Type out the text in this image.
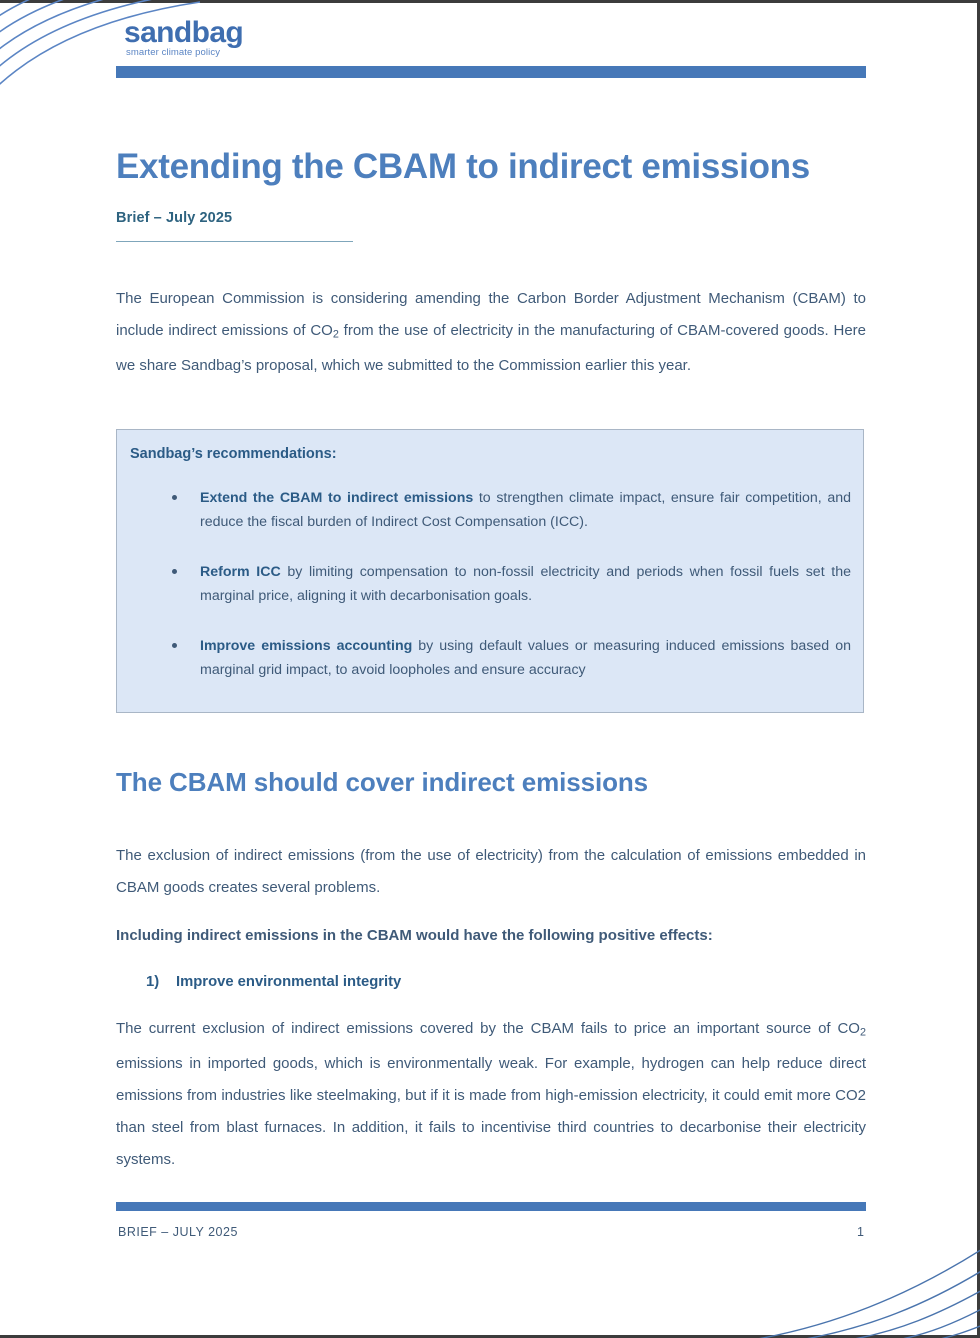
sandbag
smarter climate policy
Extending the CBAM to indirect emissions
Brief – July 2025

The European Commission is considering amending the Carbon Border Adjustment Mechanism (CBAM) to include indirect emissions of $CO_2$ from the use of electricity in the manufacturing of CBAM-covered goods. Here we share Sandbag’s proposal, which we submitted to the Commission earlier this year.

Sandbag’s recommendations:
Extend the CBAM to indirect emissions to strengthen climate impact, ensure fair competition, and reduce the fiscal burden of Indirect Cost Compensation (ICC).
Reform ICC by limiting compensation to non-fossil electricity and periods when fossil fuels set the marginal price, aligning it with decarbonisation goals.
Improve emissions accounting by using default values or measuring induced emissions based on marginal grid impact, to avoid loopholes and ensure accuracy
The CBAM should cover indirect emissions

The exclusion of indirect emissions (from the use of electricity) from the calculation of emissions embedded in CBAM goods creates several problems.

Including indirect emissions in the CBAM would have the following positive effects:

1) Improve environmental integrity

The current exclusion of indirect emissions covered by the CBAM fails to price an important source of $CO_2$ emissions in imported goods, which is environmentally weak. For example, hydrogen can help reduce direct emissions from industries like steelmaking, but if it is made from high-emission electricity, it could emit more CO2 than steel from blast furnaces. In addition, it fails to incentivise third countries to decarbonise their electricity systems.

BRIEF – JULY 2025	1
